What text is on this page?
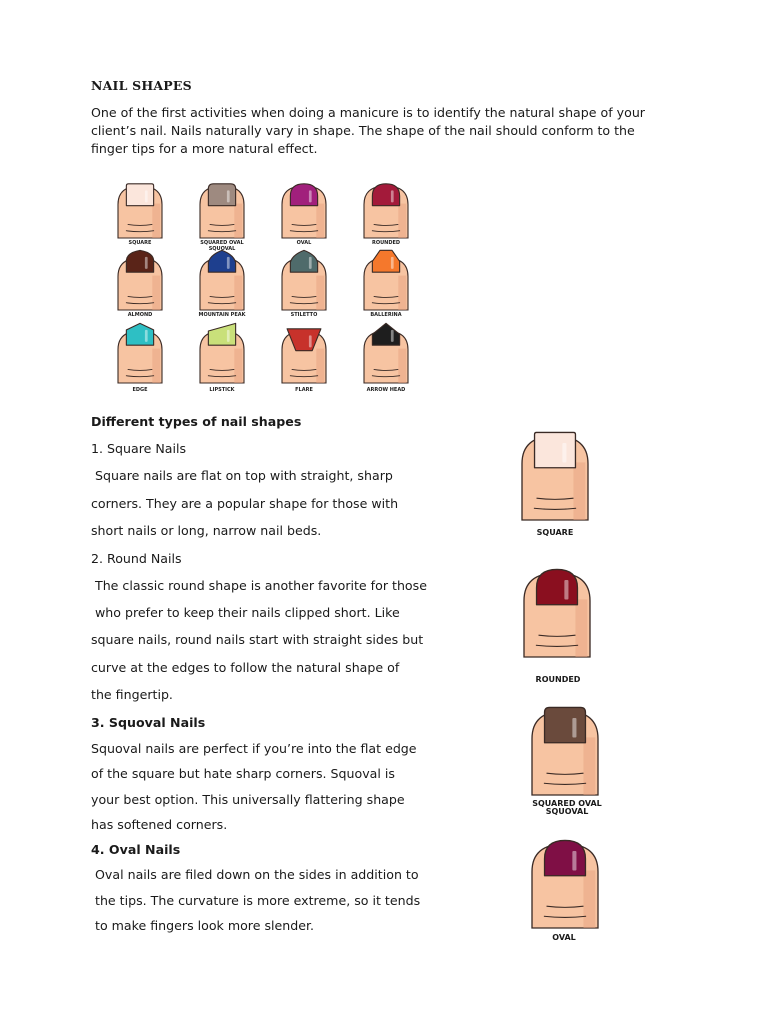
NAIL SHAPES
One of the first activities when doing a manicure is to identify the natural shape of your
client’s nail. Nails naturally vary in shape. The shape of the nail should conform to the
finger tips for a more natural effect.
SQUARE	SQUARED OVAL
SQUOVAL
OVAL	ROUNDED
ALMOND	MOUNTAIN PEAK	STILETTO	BALLERINA
EDGE	LIPSTICK	FLARE	ARROW HEAD
Different types of nail shapes
1. Square Nails
Square nails are flat on top with straight, sharp
corners. They are a popular shape for those with
short nails or long, narrow nail beds.
2. Round Nails
The classic round shape is another favorite for those
who prefer to keep their nails clipped short. Like
square nails, round nails start with straight sides but
curve at the edges to follow the natural shape of
the fingertip.
3. Squoval Nails
Squoval nails are perfect if you’re into the flat edge
of the square but hate sharp corners. Squoval is
your best option. This universally flattering shape
has softened corners.
4. Oval Nails
Oval nails are filed down on the sides in addition to
the tips. The curvature is more extreme, so it tends
to make fingers look more slender.
SQUARE
ROUNDED
SQUARED OVAL
SQUOVAL
OVAL
